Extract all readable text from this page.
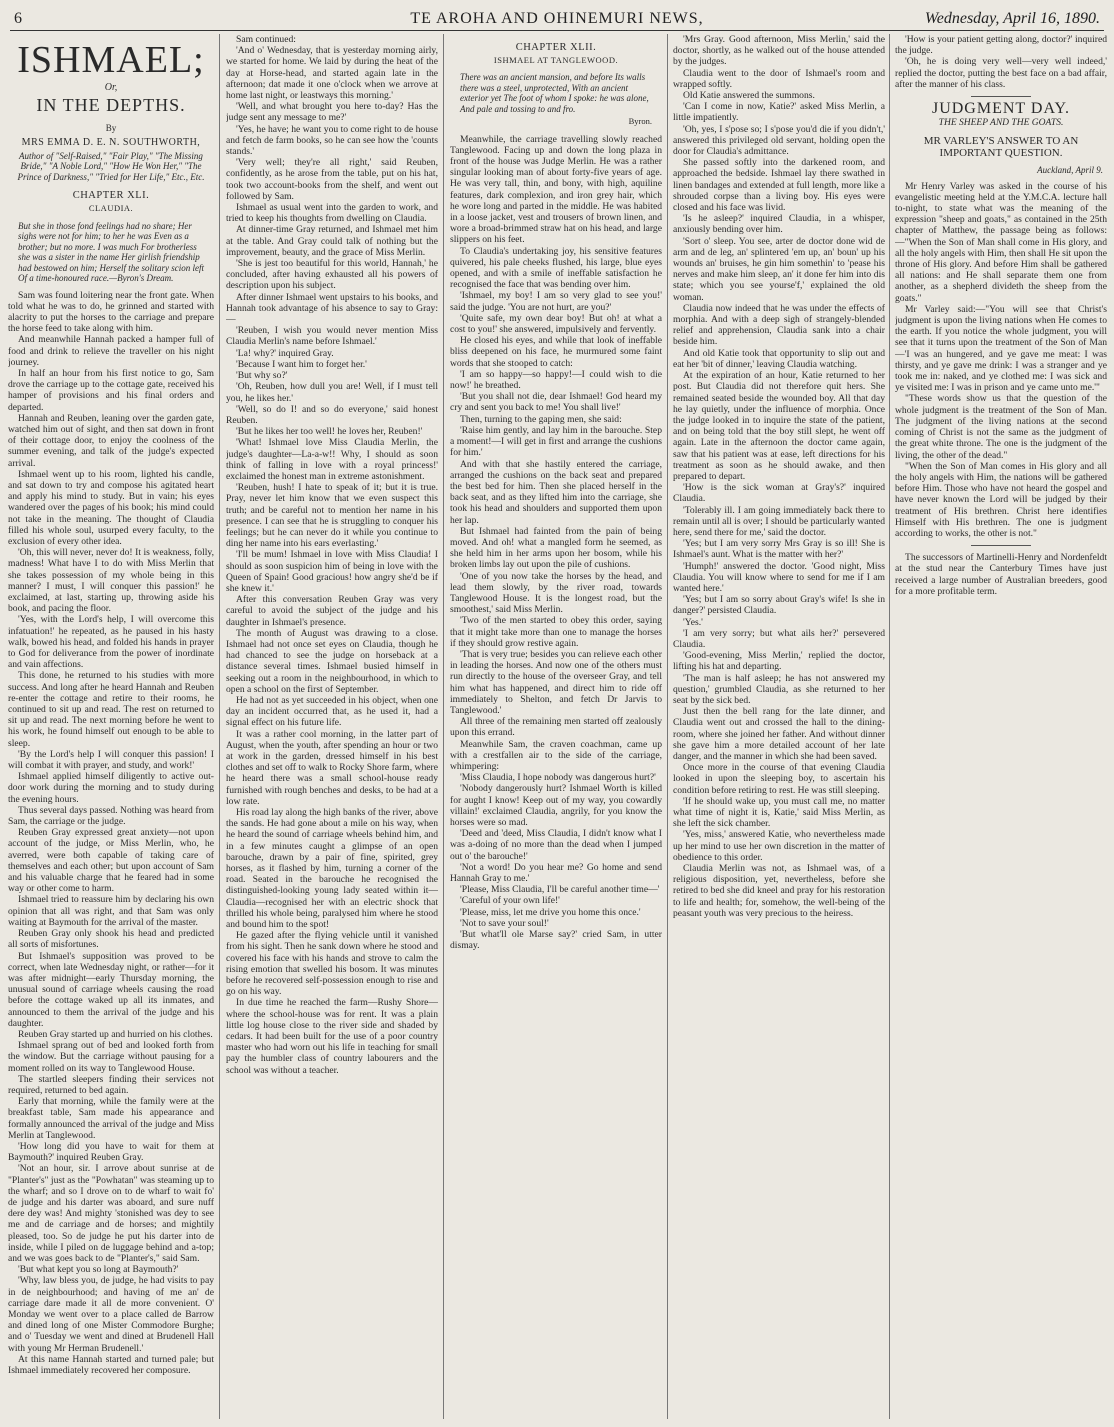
6	TE AROHA AND OHINEMURI NEWS,	Wednesday, April 16, 1890.
ISHMAEL;
Or,
IN THE DEPTHS.
By
MRS EMMA D. E. N. SOUTHWORTH,
Author of "Self-Raised," "Fair Play," "The Missing Bride," "A Noble Lord," "How He Won Her," "The Prince of Darkness," "Tried for Her Life," Etc., Etc.
CHAPTER XLI.
CLAUDIA.
But she in those fond feelings had no share; Her sighs were not for him; to her he was Even as a brother; but no more. I was much For brotherless she was a sister in the name Her girlish friendship had bestowed on him; Herself the solitary scion left Of a time-honoured race.—Byron's Dream.

Sam was found loitering near the front gate. When told what he was to do, he grinned and started with alacrity to put the horses to the carriage and prepare the horse feed to take along with him.

And meanwhile Hannah packed a hamper full of food and drink to relieve the traveller on his night journey.

In half an hour from his first notice to go, Sam drove the carriage up to the cottage gate, received his hamper of provisions and his final orders and departed.

Hannah and Reuben, leaning over the garden gate, watched him out of sight, and then sat down in front of their cottage door, to enjoy the coolness of the summer evening, and talk of the judge's expected arrival.

Ishmael went up to his room, lighted his candle, and sat down to try and compose his agitated heart and apply his mind to study. But in vain; his eyes wandered over the pages of his book; his mind could not take in the meaning. The thought of Claudia filled his whole soul, usurped every faculty, to the exclusion of every other idea.

'Oh, this will never, never do! It is weakness, folly, madness! What have I to do with Miss Merlin that she takes possession of my whole being in this manner? I must, I will conquer this passion!' he exclaimed, at last, starting up, throwing aside his book, and pacing the floor.

'Yes, with the Lord's help, I will overcome this infatuation!' he repeated, as he paused in his hasty walk, bowed his head, and folded his hands in prayer to God for deliverance from the power of inordinate and vain affections.

This done, he returned to his studies with more success. And long after he heard Hannah and Reuben re-enter the cottage and retire to their rooms, he continued to sit up and read. The rest on returned to sit up and read. The next morning before he went to his work, he found himself out enough to be able to sleep.

'By the Lord's help I will conquer this passion! I will combat it with prayer, and study, and work!'

Ishmael applied himself diligently to active out-door work during the morning and to study during the evening hours.

Thus several days passed. Nothing was heard from Sam, the carriage or the judge.

Reuben Gray expressed great anxiety—not upon account of the judge, or Miss Merlin, who, he averred, were both capable of taking care of themselves and each other; but upon account of Sam and his valuable charge that he feared had in some way or other come to harm.

Ishmael tried to reassure him by declaring his own opinion that all was right, and that Sam was only waiting at Baymouth for the arrival of the master.

Reuben Gray only shook his head and predicted all sorts of misfortunes.

But Ishmael's supposition was proved to be correct, when late Wednesday night, or rather—for it was after midnight—early Thursday morning, the unusual sound of carriage wheels causing the road before the cottage waked up all its inmates, and announced to them the arrival of the judge and his daughter.

Reuben Gray started up and hurried on his clothes.

Ishmael sprang out of bed and looked forth from the window. But the carriage without pausing for a moment rolled on its way to Tanglewood House.

The startled sleepers finding their services not required, returned to bed again.

Early that morning, while the family were at the breakfast table, Sam made his appearance and formally announced the arrival of the judge and Miss Merlin at Tanglewood.

'How long did you have to wait for them at Baymouth?' inquired Reuben Gray.

'Not an hour, sir. I arrove about sunrise at de "Planter's" just as the "Powhatan" was steaming up to the wharf; and so I drove on to de wharf to wait fo' de judge and his darter was aboard, and sure nuff dere dey was! And mighty 'stonished was dey to see me and de carriage and de horses; and mightily pleased, too. So de judge he put his darter into de inside, while I piled on de luggage behind and a-top; and we was goes back to de "Planter's," said Sam.

'But what kept you so long at Baymouth?'

'Why, law bless you, de judge, he had visits to pay in de neighbourhood; and having of me an' de carriage dare made it all de more convenient. O' Monday we went over to a place called de Barrow and dined long of one Mister Commodore Burghe; and o' Tuesday we went and dined at Brudenell Hall with young Mr Herman Brudenell.'

At this name Hannah started and turned pale; but Ishmael immediately recovered her composure.

Sam continued:

'And o' Wednesday, that is yesterday morning airly, we started for home. We laid by during the heat of the day at Horse-head, and started again late in the afternoon; dat made it one o'clock when we arrove at home last night, or leastways this morning.'

'Well, and what brought you here to-day? Has the judge sent any message to me?'

'Yes, he have; he want you to come right to de house and fetch de farm books, so he can see how the 'counts stands.'

'Very well; they're all right,' said Reuben, confidently, as he arose from the table, put on his hat, took two account-books from the shelf, and went out followed by Sam.

Ishmael as usual went into the garden to work, and tried to keep his thoughts from dwelling on Claudia.

At dinner-time Gray returned, and Ishmael met him at the table. And Gray could talk of nothing but the improvement, beauty, and the grace of Miss Merlin.

'She is jest too beautiful for this world, Hannah,' he concluded, after having exhausted all his powers of description upon his subject.

After dinner Ishmael went upstairs to his books, and Hannah took advantage of his absence to say to Gray:—

'Reuben, I wish you would never mention Miss Claudia Merlin's name before Ishmael.'

'La! why?' inquired Gray.

'Because I want him to forget her.'

'But why so?'

'Oh, Reuben, how dull you are! Well, if I must tell you, he likes her.'

'Well, so do I! and so do everyone,' said honest Reuben.

'But he likes her too well! he loves her, Reuben!'

'What! Ishmael love Miss Claudia Merlin, the judge's daughter—La-a-w!! Why, I should as soon think of falling in love with a royal princess!' exclaimed the honest man in extreme astonishment.

'Reuben, hush! I hate to speak of it; but it is true. Pray, never let him know that we even suspect this truth; and be careful not to mention her name in his presence. I can see that he is struggling to conquer his feelings; but he can never do it while you continue to ding her name into his ears everlasting.'

'I'll be mum! Ishmael in love with Miss Claudia! I should as soon suspicion him of being in love with the Queen of Spain! Good gracious! how angry she'd be if she knew it.'

After this conversation Reuben Gray was very careful to avoid the subject of the judge and his daughter in Ishmael's presence.

The month of August was drawing to a close. Ishmael had not once set eyes on Claudia, though he had chanced to see the judge on horseback at a distance several times. Ishmael busied himself in seeking out a room in the neighbourhood, in which to open a school on the first of September.

He had not as yet succeeded in his object, when one day an incident occurred that, as he used it, had a signal effect on his future life.

It was a rather cool morning, in the latter part of August, when the youth, after spending an hour or two at work in the garden, dressed himself in his best clothes and set off to walk to Rocky Shore farm, where he heard there was a small school-house ready furnished with rough benches and desks, to be had at a low rate.

His road lay along the high banks of the river, above the sands. He had gone about a mile on his way, when he heard the sound of carriage wheels behind him, and in a few minutes caught a glimpse of an open barouche, drawn by a pair of fine, spirited, grey horses, as it flashed by him, turning a corner of the road. Seated in the barouche he recognised the distinguished-looking young lady seated within it—Claudia—recognised her with an electric shock that thrilled his whole being, paralysed him where he stood and bound him to the spot!

He gazed after the flying vehicle until it vanished from his sight. Then he sank down where he stood and covered his face with his hands and strove to calm the rising emotion that swelled his bosom. It was minutes before he recovered self-possession enough to rise and go on his way.

In due time he reached the farm—Rushy Shore—where the school-house was for rent. It was a plain little log house close to the river side and shaded by cedars. It had been built for the use of a poor country master who had worn out his life in teaching for small pay the humbler class of country labourers and the school was without a teacher.

CHAPTER XLII.
ISHMAEL AT TANGLEWOOD.
There was an ancient mansion, and before Its walls there was a steel, unprotected, With an ancient exterior yet The foot of whom I spoke: he was alone, And pale and tossing to and fro.
Byron.

Meanwhile, the carriage travelling slowly reached Tanglewood. Facing up and down the long plaza in front of the house was Judge Merlin. He was a rather singular looking man of about forty-five years of age. He was very tall, thin, and bony, with high, aquiline features, dark complexion, and iron grey hair, which he wore long and parted in the middle. He was habited in a loose jacket, vest and trousers of brown linen, and wore a broad-brimmed straw hat on his head, and large slippers on his feet.

To Claudia's undertaking joy, his sensitive features quivered, his pale cheeks flushed, his large, blue eyes opened, and with a smile of ineffable satisfaction he recognised the face that was bending over him.

'Ishmael, my boy! I am so very glad to see you!' said the judge. 'You are not hurt, are you?'

'Quite safe, my own dear boy! But oh! at what a cost to you!' she answered, impulsively and fervently.

He closed his eyes, and while that look of ineffable bliss deepened on his face, he murmured some faint words that she stooped to catch:

'I am so happy—so happy!—I could wish to die now!' he breathed.

'But you shall not die, dear Ishmael! God heard my cry and sent you back to me! You shall live!'

Then, turning to the gaping men, she said:

'Raise him gently, and lay him in the barouche. Step a moment!—I will get in first and arrange the cushions for him.'

And with that she hastily entered the carriage, arranged the cushions on the back seat and prepared the best bed for him. Then she placed herself in the back seat, and as they lifted him into the carriage, she took his head and shoulders and supported them upon her lap.

But Ishmael had fainted from the pain of being moved. And oh! what a mangled form he seemed, as she held him in her arms upon her bosom, while his broken limbs lay out upon the pile of cushions.

'One of you now take the horses by the head, and lead them slowly, by the river road, towards Tanglewood House. It is the longest road, but the smoothest,' said Miss Merlin.

'Two of the men started to obey this order, saying that it might take more than one to manage the horses if they should grow restive again.

'That is very true; besides you can relieve each other in leading the horses. And now one of the others must run directly to the house of the overseer Gray, and tell him what has happened, and direct him to ride off immediately to Shelton, and fetch Dr Jarvis to Tanglewood.'

All three of the remaining men started off zealously upon this errand.

Meanwhile Sam, the craven coachman, came up with a crestfallen air to the side of the carriage, whimpering:

'Miss Claudia, I hope nobody was dangerous hurt?'

'Nobody dangerously hurt? Ishmael Worth is killed for aught I know! Keep out of my way, you cowardly villain!' exclaimed Claudia, angrily, for you know the horses were so mad.

'Deed and 'deed, Miss Claudia, I didn't know what I was a-doing of no more than the dead when I jumped out o' the barouche!'

'Not a word! Do you hear me? Go home and send Hannah Gray to me.'

'Please, Miss Claudia, I'll be careful another time—'

'Careful of your own life!'

'Please, miss, let me drive you home this once.'

'Not to save your soul!'

'But what'll ole Marse say?' cried Sam, in utter dismay.

'Mrs Gray. Good afternoon, Miss Merlin,' said the doctor, shortly, as he walked out of the house attended by the judges.

Claudia went to the door of Ishmael's room and wrapped softly.

Old Katie answered the summons.

'Can I come in now, Katie?' asked Miss Merlin, a little impatiently.

'Oh, yes, I s'pose so; I s'pose you'd die if you didn't,' answered this privileged old servant, holding open the door for Claudia's admittance.

She passed softly into the darkened room, and approached the bedside. Ishmael lay there swathed in linen bandages and extended at full length, more like a shrouded corpse than a living boy. His eyes were closed and his face was livid.

'Is he asleep?' inquired Claudia, in a whisper, anxiously bending over him.

'Sort o' sleep. You see, arter de doctor done wid de arm and de leg, an' splintered 'em up, an' boun' up his wounds an' bruises, he gin him somethin' to 'pease his nerves and make him sleep, an' it done fer him into dis state; which you see yourse'f,' explained the old woman.

Claudia now indeed that he was under the effects of morphia. And with a deep sigh of strangely-blended relief and apprehension, Claudia sank into a chair beside him.

And old Katie took that opportunity to slip out and eat her 'bit of dinner,' leaving Claudia watching.

At the expiration of an hour, Katie returned to her post. But Claudia did not therefore quit hers. She remained seated beside the wounded boy. All that day he lay quietly, under the influence of morphia. Once the judge looked in to inquire the state of the patient, and on being told that the boy still slept, he went off again. Late in the afternoon the doctor came again, saw that his patient was at ease, left directions for his treatment as soon as he should awake, and then prepared to depart.

'How is the sick woman at Gray's?' inquired Claudia.

'Tolerably ill. I am going immediately back there to remain until all is over; I should be particularly wanted here, send there for me,' said the doctor.

'Yes; but I am very sorry Mrs Gray is so ill! She is Ishmael's aunt. What is the matter with her?'

'Humph!' answered the doctor. 'Good night, Miss Claudia. You will know where to send for me if I am wanted here.'

'Yes; but I am so sorry about Gray's wife! Is she in danger?' persisted Claudia.

'Yes.'

'I am very sorry; but what ails her?' persevered Claudia.

'Good-evening, Miss Merlin,' replied the doctor, lifting his hat and departing.

'The man is half asleep; he has not answered my question,' grumbled Claudia, as she returned to her seat by the sick bed.

Just then the bell rang for the late dinner, and Claudia went out and crossed the hall to the dining-room, where she joined her father. And without dinner she gave him a more detailed account of her late danger, and the manner in which she had been saved.

Once more in the course of that evening Claudia looked in upon the sleeping boy, to ascertain his condition before retiring to rest. He was still sleeping.

'If he should wake up, you must call me, no matter what time of night it is, Katie,' said Miss Merlin, as she left the sick chamber.

'Yes, miss,' answered Katie, who nevertheless made up her mind to use her own discretion in the matter of obedience to this order.

Claudia Merlin was not, as Ishmael was, of a religious disposition, yet, nevertheless, before she retired to bed she did kneel and pray for his restoration to life and health; for, somehow, the well-being of the peasant youth was very precious to the heiress.

'How is your patient getting along, doctor?' inquired the judge.

'Oh, he is doing very well—very well indeed,' replied the doctor, putting the best face on a bad affair, after the manner of his class.

JUDGMENT DAY.
THE SHEEP AND THE GOATS.
MR VARLEY'S ANSWER TO AN IMPORTANT QUESTION.
Auckland, April 9.

Mr Henry Varley was asked in the course of his evangelistic meeting held at the Y.M.C.A. lecture hall to-night, to state what was the meaning of the expression "sheep and goats," as contained in the 25th chapter of Matthew, the passage being as follows:—"When the Son of Man shall come in His glory, and all the holy angels with Him, then shall He sit upon the throne of His glory. And before Him shall be gathered all nations: and He shall separate them one from another, as a shepherd divideth the sheep from the goats."

Mr Varley said:—"You will see that Christ's judgment is upon the living nations when He comes to the earth. If you notice the whole judgment, you will see that it turns upon the treatment of the Son of Man—'I was an hungered, and ye gave me meat: I was thirsty, and ye gave me drink: I was a stranger and ye took me in: naked, and ye clothed me: I was sick and ye visited me: I was in prison and ye came unto me.'"

"These words show us that the question of the whole judgment is the treatment of the Son of Man. The judgment of the living nations at the second coming of Christ is not the same as the judgment of the great white throne. The one is the judgment of the living, the other of the dead."

"When the Son of Man comes in His glory and all the holy angels with Him, the nations will be gathered before Him. Those who have not heard the gospel and have never known the Lord will be judged by their treatment of His brethren. Christ here identifies Himself with His brethren. The one is judgment according to works, the other is not."

The successors of Martinelli-Henry and Nordenfeldt at the stud near the Canterbury Times have just received a large number of Australian breeders, good for a more profitable term.
